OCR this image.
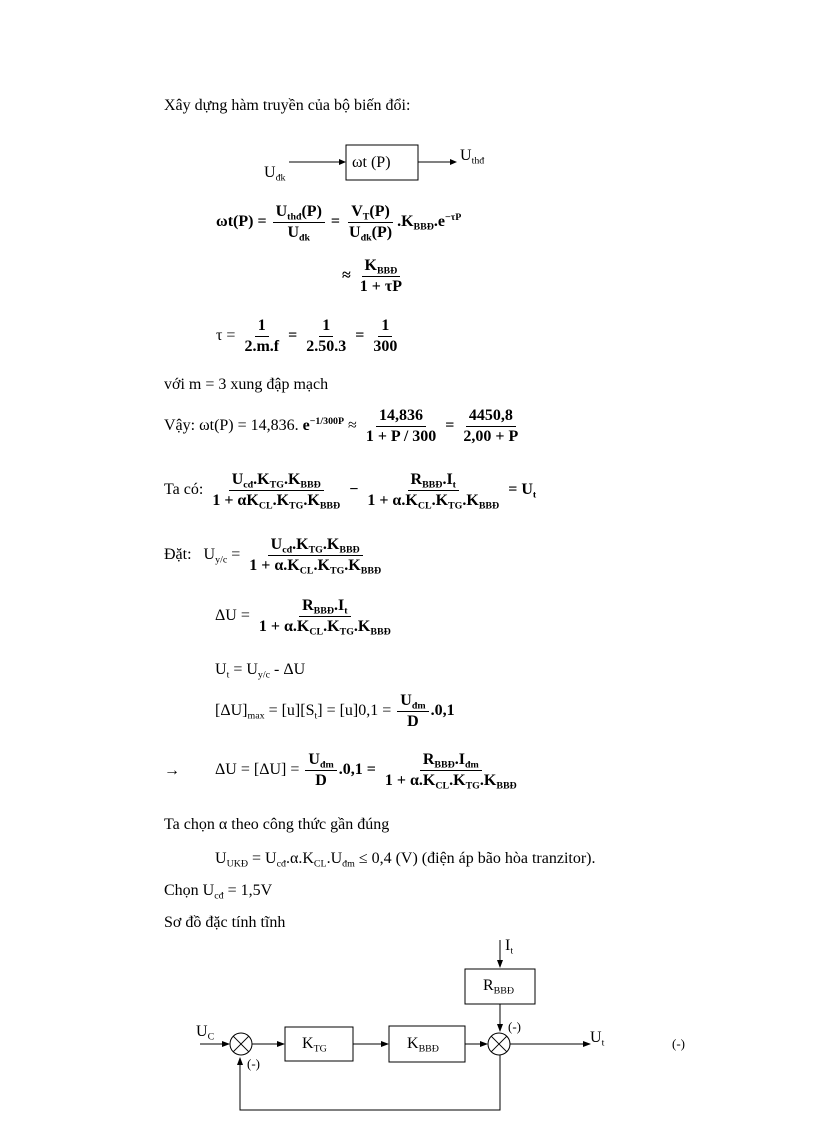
Xây dựng hàm truyền của bộ biến đổi:
$U_{đk}$
ωt (P)	$U_{thđ}$
$\omega t(P) = \frac{U_{thđ}(P)}{U_{đk}} = \frac{V_T(P)}{U_{đk}(P)} .K_{BBĐ}.e^{-\tau P}$
≈ $\frac{K_{BBĐ}}{1 + \tau P}$
$\tau = \frac{1}{2.m.f} = \frac{1}{2.50.3} = \frac{1}{300}$
với m = 3 xung đập mạch
Vậy: ωt(P) = 14,836. $e^{-1/300P} \approx \frac{14,836}{1 + P / 300} = \frac{4450,8}{2,00 + P}$
Ta có: $\frac{U_{cđ}.K_{TG}.K_{BBĐ}}{1 + \alpha K_{CL}.K_{TG}.K_{BBĐ}} - \frac{R_{BBĐ}.I_t}{1 + \alpha.K_{CL}.K_{TG}.K_{BBĐ}} = U_t$
Đặt: $U_{y/c} = \frac{U_{cđ}.K_{TG}.K_{BBĐ}}{1 + \alpha.K_{CL}.K_{TG}.K_{BBĐ}}$
$\Delta U = \frac{R_{BBĐ}.I_t}{1 + \alpha.K_{CL}.K_{TG}.K_{BBĐ}}$
$U_t = U_{y/c} - \Delta U$
$[\Delta U]_{max} = [u][S_t] = [u]0,1 = \frac{U_{đm}}{D} .0,1$
→ $\Delta U = [\Delta U] = \frac{U_{đm}}{D} .0,1 = \frac{R_{BBĐ}.I_{đm}}{1 + \alpha.K_{CL}.K_{TG}.K_{BBĐ}}$
Ta chọn α theo công thức gần đúng
$U_{UKĐ} = U_{cđ}.\alpha.K_{CL}.U_{đm} \le 0,4$ (V) (điện áp bão hòa tranzitor).
Chọn $U_{cđ} = 1,5V$
Sơ đồ đặc tính tĩnh
$U_C$
(-)
$K_{TG}$	$K_{BBĐ}$
$R_{BBĐ}$
$I_t$
(-)
$U_t$	(-)
